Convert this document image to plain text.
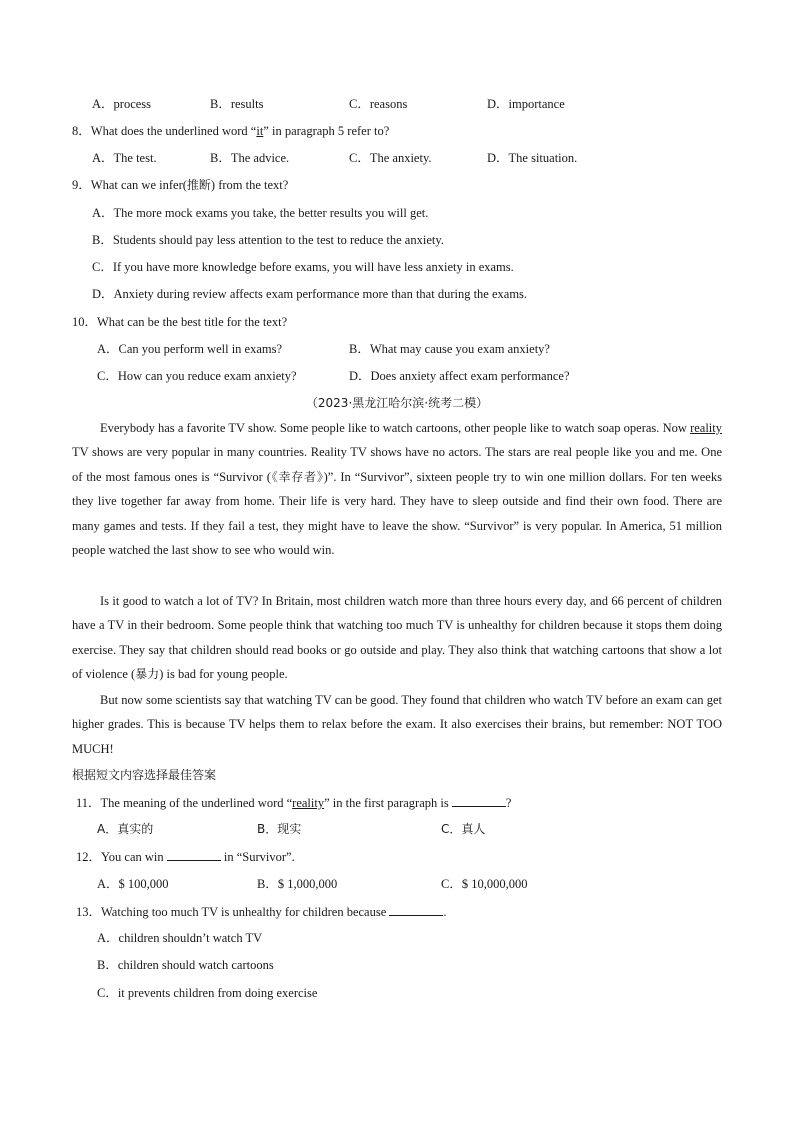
A．process	B．results	C．reasons	D．importance
8．What does the underlined word “it” in paragraph 5 refer to?
A．The test.	B．The advice.	C．The anxiety.	D．The situation.
9．What can we infer(推断) from the text?
A．The more mock exams you take, the better results you will get.
B．Students should pay less attention to the test to reduce the anxiety.
C．If you have more knowledge before exams, you will have less anxiety in exams.
D．Anxiety during review affects exam performance more than that during the exams.
10．What can be the best title for the text?
A．Can you perform well in exams?	B．What may cause you exam anxiety?
C．How can you reduce exam anxiety?	D．Does anxiety affect exam performance?
（2023·黑龙江哈尔滨·统考二模）
Everybody has a favorite TV show. Some people like to watch cartoons, other people like to watch soap operas. Now reality TV shows are very popular in many countries. Reality TV shows have no actors. The stars are real people like you and me. One of the most famous ones is “Survivor (《幸存者》)”. In “Survivor”, sixteen people try to win one million dollars. For ten weeks they live together far away from home. Their life is very hard. They have to sleep outside and find their own food. There are many games and tests. If they fail a test, they might have to leave the show. “Survivor” is very popular. In America, 51 million people watched the last show to see who would win.
Is it good to watch a lot of TV? In Britain, most children watch more than three hours every day, and 66 percent of children have a TV in their bedroom. Some people think that watching too much TV is unhealthy for children because it stops them doing exercise. They say that children should read books or go outside and play. They also think that watching cartoons that show a lot of violence (暴力) is bad for young people.
But now some scientists say that watching TV can be good. They found that children who watch TV before an exam can get higher grades. This is because TV helps them to relax before the exam. It also exercises their brains, but remember: NOT TOO MUCH!
根据短文内容选择最佳答案
11．The meaning of the underlined word “reality” in the first paragraph is	?
A．真实的	B．现实	C．真人
12．You can win	in “Survivor”.
A．$ 100,000	B．$ 1,000,000	C．$ 10,000,000
13．Watching too much TV is unhealthy for children because	.
A．children shouldn’t watch TV
B．children should watch cartoons
C．it prevents children from doing exercise
